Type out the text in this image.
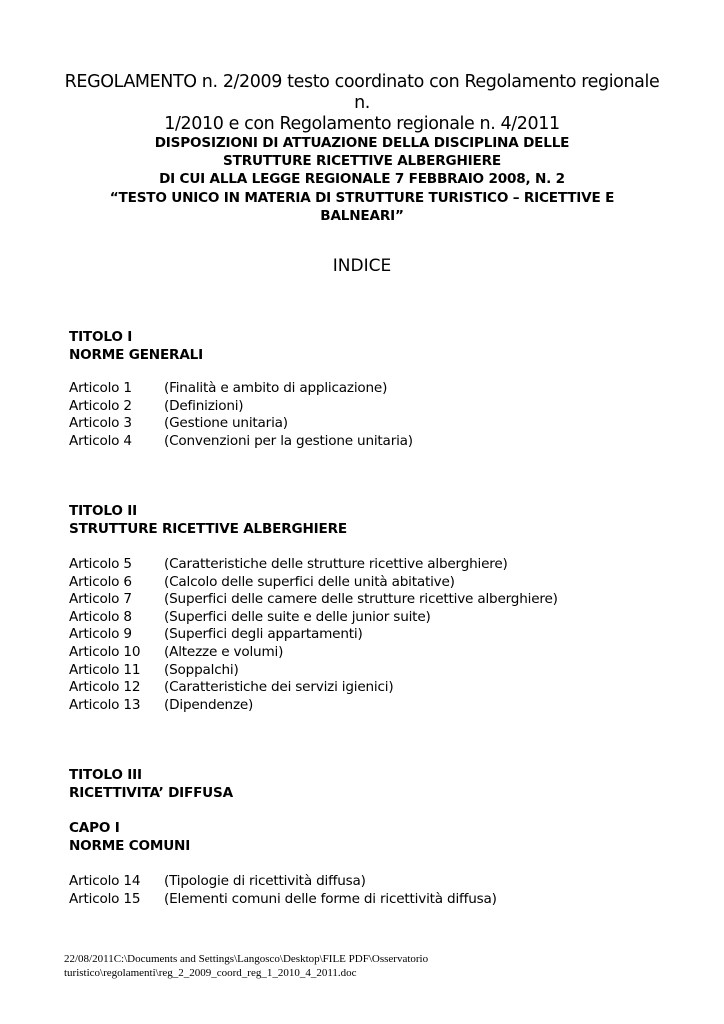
REGOLAMENTO n. 2/2009 testo coordinato con Regolamento regionale n.
1/2010 e con Regolamento regionale n. 4/2011
DISPOSIZIONI DI ATTUAZIONE DELLA DISCIPLINA DELLE
STRUTTURE RICETTIVE ALBERGHIERE
DI CUI ALLA LEGGE REGIONALE 7 FEBBRAIO 2008, N. 2
“TESTO UNICO IN MATERIA DI STRUTTURE TURISTICO – RICETTIVE E
BALNEARI”
INDICE
TITOLO I
NORME GENERALI
Articolo 1 (Finalità e ambito di applicazione)
Articolo 2 (Definizioni)
Articolo 3 (Gestione unitaria)
Articolo 4 (Convenzioni per la gestione unitaria)
TITOLO II
STRUTTURE RICETTIVE ALBERGHIERE
Articolo 5 (Caratteristiche delle strutture ricettive alberghiere)
Articolo 6 (Calcolo delle superfici delle unità abitative)
Articolo 7 (Superfici delle camere delle strutture ricettive alberghiere)
Articolo 8 (Superfici delle suite e delle junior suite)
Articolo 9 (Superfici degli appartamenti)
Articolo 10 (Altezze e volumi)
Articolo 11 (Soppalchi)
Articolo 12 (Caratteristiche dei servizi igienici)
Articolo 13 (Dipendenze)
TITOLO III
RICETTIVITA’ DIFFUSA
CAPO I
NORME COMUNI
Articolo 14 (Tipologie di ricettività diffusa)
Articolo 15 (Elementi comuni delle forme di ricettività diffusa)
22/08/2011C:\Documents and Settings\Langosco\Desktop\FILE PDF\Osservatorio
turistico\regolamenti\reg_2_2009_coord_reg_1_2010_4_2011.doc
